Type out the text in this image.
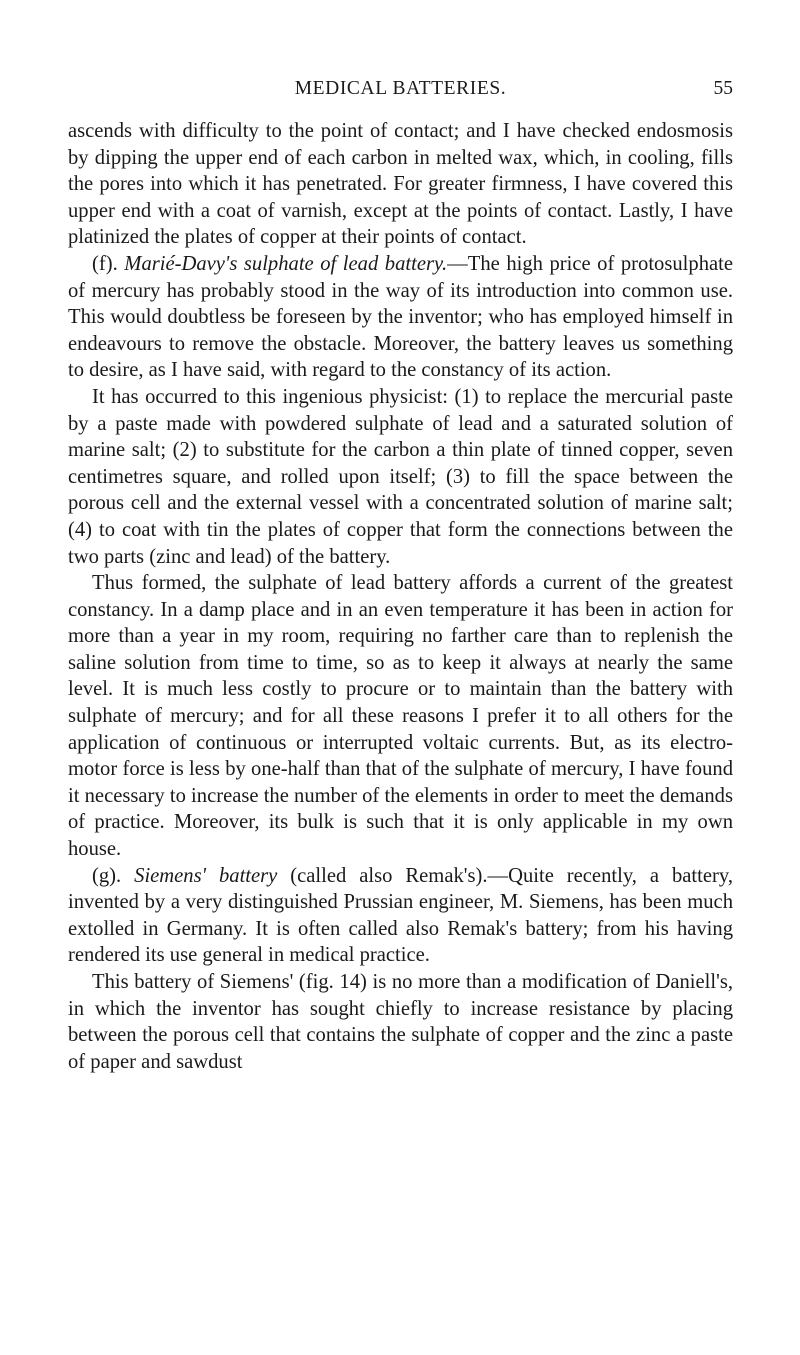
MEDICAL BATTERIES.	55

ascends with difficulty to the point of contact; and I have checked endosmosis by dipping the upper end of each carbon in melted wax, which, in cooling, fills the pores into which it has penetrated. For greater firmness, I have covered this upper end with a coat of varnish, except at the points of contact. Lastly, I have platinized the plates of copper at their points of contact.

(f). Marié-Davy's sulphate of lead battery.—The high price of protosulphate of mercury has probably stood in the way of its introduction into common use. This would doubtless be foreseen by the inventor; who has employed himself in endeavours to remove the obstacle. Moreover, the battery leaves us something to desire, as I have said, with regard to the constancy of its action.

It has occurred to this ingenious physicist: (1) to replace the mercurial paste by a paste made with powdered sulphate of lead and a saturated solution of marine salt; (2) to substitute for the carbon a thin plate of tinned copper, seven centimetres square, and rolled upon itself; (3) to fill the space between the porous cell and the external vessel with a concentrated solution of marine salt; (4) to coat with tin the plates of copper that form the connections between the two parts (zinc and lead) of the battery.

Thus formed, the sulphate of lead battery affords a current of the greatest constancy. In a damp place and in an even temperature it has been in action for more than a year in my room, requiring no farther care than to replenish the saline solution from time to time, so as to keep it always at nearly the same level. It is much less costly to procure or to maintain than the battery with sulphate of mercury; and for all these reasons I prefer it to all others for the application of continuous or interrupted voltaic currents. But, as its electro-motor force is less by one-half than that of the sulphate of mercury, I have found it necessary to increase the number of the elements in order to meet the demands of practice. Moreover, its bulk is such that it is only applicable in my own house.

(g). Siemens' battery (called also Remak's).—Quite recently, a battery, invented by a very distinguished Prussian engineer, M. Siemens, has been much extolled in Germany. It is often called also Remak's battery; from his having rendered its use general in medical practice.

This battery of Siemens' (fig. 14) is no more than a modification of Daniell's, in which the inventor has sought chiefly to increase resistance by placing between the porous cell that contains the sulphate of copper and the zinc a paste of paper and sawdust
